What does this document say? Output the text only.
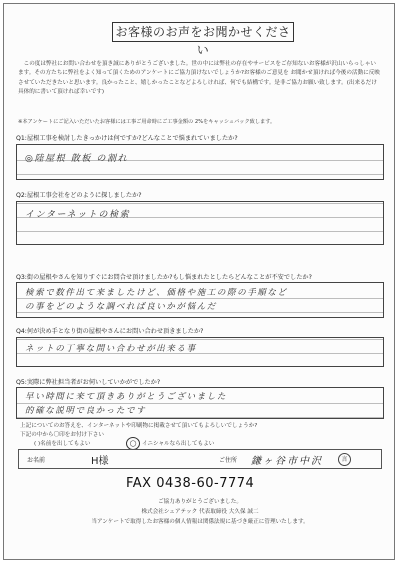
お客様のお声をお聞かせください
この度は弊社にお問い合わせを頂き誠にありがとうございました。世の中には弊社の存在やサービスをご存知ないお客様が沢山いらっしゃいます。その方たちに弊社をよく知って頂くためのアンケートにご協力頂けないでしょうか?お客様のご意見を お聞かせ頂ければ今後の活動に反映させていただきたいと思います。良かったこと、嬉しかったことなどよろしければ、何でも結構です。是非ご協力お願い致します。(出来るだけ具体的に書いて頂ければ幸いです)
※本アンケートにご記入いただいたお客様には工事ご用命時にご工事金額の 2%をキャッシュバック致します。
Q1:屋根工事を検討したきっかけは何ですか?どんなことで悩まれていましたか?
◎陸屋根 散板 の割れ
Q2:屋根工事会社をどのように探しましたか?
インターネットの検索
Q3:街の屋根やさんを知りすぐにお問合せ頂けましたか?もし悩まれたとしたらどんなことが不安でしたか?
検索で数件出て来ましたけど、価格や施工の際の手順など
の事をどのような調べれば良いかが悩んだ
Q4:何が決め手となり街の屋根やさんにお問い合わせ頂きましたか?
ネットの丁寧な問い合わせが出来る事
Q5:実際に弊社担当者がお伺いしていかがでしたか?
早い時間に来て頂きありがとうございました
的確な説明で良かったです
上記についてのお答えを、インターネットや印刷物に掲載させて頂いてもよろしいでしょうか?
下記の中から〇印をお付け下さい
( )名前を出してもよい	◯	イニシャルなら出してもよい
お名前	H様	ご住所 鎌ヶ谷市中沢	言
FAX 0438-60-7774
ご協力ありがとうございました。
株式会社シェアテック 代表取締役 大久保 誠二
当アンケートで取得したお客様の個人情報は関係法規に基づき厳正に管理いたします。
